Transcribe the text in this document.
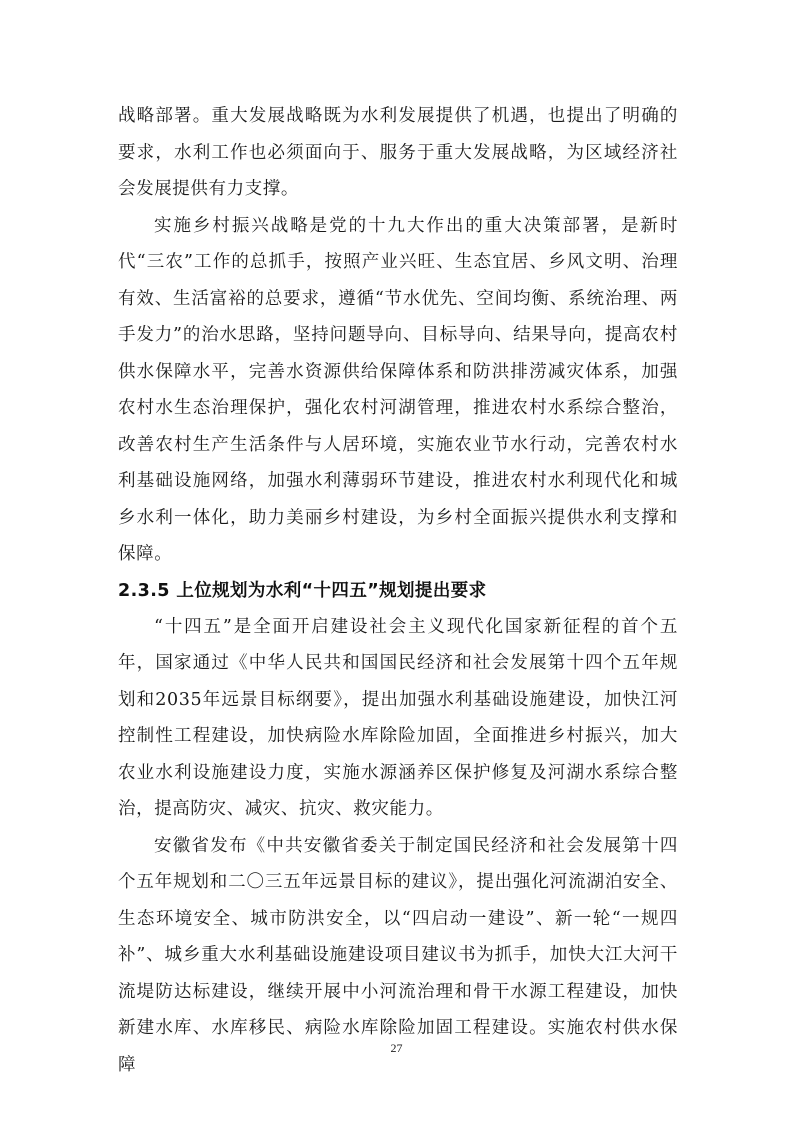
战略部署。重大发展战略既为水利发展提供了机遇，也提出了明确的要求，水利工作也必须面向于、服务于重大发展战略，为区域经济社会发展提供有力支撑。

实施乡村振兴战略是党的十九大作出的重大决策部署，是新时代“三农”工作的总抓手，按照产业兴旺、生态宜居、乡风文明、治理有效、生活富裕的总要求，遵循“节水优先、空间均衡、系统治理、两手发力”的治水思路，坚持问题导向、目标导向、结果导向，提高农村供水保障水平，完善水资源供给保障体系和防洪排涝减灾体系，加强农村水生态治理保护，强化农村河湖管理，推进农村水系综合整治，改善农村生产生活条件与人居环境，实施农业节水行动，完善农村水利基础设施网络，加强水利薄弱环节建设，推进农村水利现代化和城乡水利一体化，助力美丽乡村建设，为乡村全面振兴提供水利支撑和保障。

2.3.5 上位规划为水利“十四五”规划提出要求

“十四五”是全面开启建设社会主义现代化国家新征程的首个五年，国家通过《中华人民共和国国民经济和社会发展第十四个五年规划和2035年远景目标纲要》，提出加强水利基础设施建设，加快江河控制性工程建设，加快病险水库除险加固，全面推进乡村振兴，加大农业水利设施建设力度，实施水源涵养区保护修复及河湖水系综合整治，提高防灾、减灾、抗灾、救灾能力。

安徽省发布《中共安徽省委关于制定国民经济和社会发展第十四个五年规划和二〇三五年远景目标的建议》，提出强化河流湖泊安全、生态环境安全、城市防洪安全，以“四启动一建设”、新一轮“一规四补”、城乡重大水利基础设施建设项目建议书为抓手，加快大江大河干流堤防达标建设，继续开展中小河流治理和骨干水源工程建设，加快新建水库、水库移民、病险水库除险加固工程建设。实施农村供水保障

27
